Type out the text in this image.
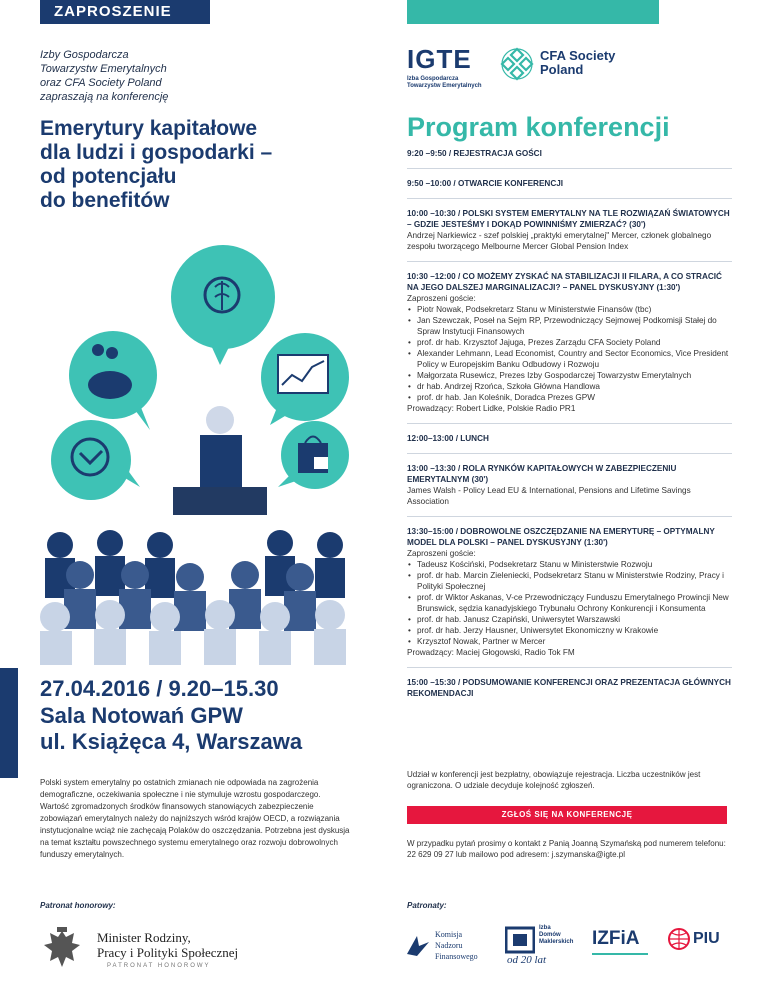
ZAPROSZENIE
Izby Gospodarcza
Towarzystw Emerytalnych
oraz CFA Society Poland
zapraszają na konferencję
IGTE
Izba Gospodarcza
Towarzystw Emerytalnych
CFA Society
Poland
Emerytury kapitałowe
dla ludzi i gospodarki –
od potencjału
do benefitów
Program konferencji
9:20 –9:50 / REJESTRACJA GOŚCI
9:50 –10:00 / OTWARCIE KONFERENCJI
10:00 –10:30 / POLSKI SYSTEM EMERYTALNY NA TLE ROZWIĄZAŃ ŚWIATOWYCH – GDZIE JESTEŚMY I DOKĄD POWINNIŚMY ZMIERZAĆ? (30')
Andrzej Narkiewicz - szef polskiej „praktyki emerytalnej" Mercer, członek globalnego zespołu tworzącego Melbourne Mercer Global Pension Index
10:30 –12:00 / CO MOŻEMY ZYSKAĆ NA STABILIZACJI II FILARA, A CO STRACIĆ NA JEGO DALSZEJ MARGINALIZACJI? – PANEL DYSKUSYJNY (1:30')
Zaproszeni goście:
• Piotr Nowak, Podsekretarz Stanu w Ministerstwie Finansów (tbc)
• Jan Szewczak, Poseł na Sejm RP, Przewodniczący Sejmowej Podkomisji Stałej do Spraw Instytucji Finansowych
• prof. dr hab. Krzysztof Jajuga, Prezes Zarządu CFA Society Poland
• Alexander Lehmann, Lead Economist, Country and Sector Economics, Vice President Policy w Europejskim Banku Odbudowy i Rozwoju
• Małgorzata Rusewicz, Prezes Izby Gospodarczej Towarzystw Emerytalnych
• dr hab. Andrzej Rzońca, Szkoła Główna Handlowa
• prof. dr hab. Jan Koleśnik, Doradca Prezes GPW
Prowadzący: Robert Lidke, Polskie Radio PR1
12:00–13:00 / LUNCH
13:00 –13:30 / ROLA RYNKÓW KAPITAŁOWYCH W ZABEZPIECZENIU EMERYTALNYM (30')
James Walsh - Policy Lead EU & International, Pensions and Lifetime Savings Association
13:30–15:00 / DOBROWOLNE OSZCZĘDZANIE NA EMERYTURĘ – OPTYMALNY MODEL DLA POLSKI – PANEL DYSKUSYJNY (1:30')
Zaproszeni goście:
• Tadeusz Kościński, Podsekretarz Stanu w Ministerstwie Rozwoju
• prof. dr hab. Marcin Zieleniecki, Podsekretarz Stanu w Ministerstwie Rodziny, Pracy i Polityki Społecznej
• prof. dr Wiktor Askanas, V-ce Przewodniczący Funduszu Emerytalnego Prowincji New Brunswick, sędzia kanadyjskiego Trybunału Ochrony Konkurencji i Konsumenta
• prof. dr hab. Janusz Czapiński, Uniwersytet Warszawski
• prof. dr hab. Jerzy Hausner, Uniwersytet Ekonomiczny w Krakowie
• Krzysztof Nowak, Partner w Mercer
Prowadzący: Maciej Głogowski, Radio Tok FM
15:00 –15:30 / PODSUMOWANIE KONFERENCJI ORAZ PREZENTACJA GŁÓWNYCH REKOMENDACJI
27.04.2016 / 9.20–15.30
Sala Notowań GPW
ul. Książęca 4, Warszawa
Polski system emerytalny po ostatnich zmianach nie odpowiada na zagrożenia demograficzne, oczekiwania społeczne i nie stymuluje wzrostu gospodarczego. Wartość zgromadzonych środków finansowych stanowiących zabezpieczenie zobowiązań emerytalnych należy do najniższych wśród krajów OECD, a rozwiązania instytucjonalne wciąż nie zachęcają Polaków do oszczędzania. Potrzebna jest dyskusja na temat kształtu powszechnego systemu emerytalnego oraz rozwoju dobrowolnych funduszy emerytalnych.
Udział w konferencji jest bezpłatny, obowiązuje rejestracja. Liczba uczestników jest ograniczona. O udziale decyduje kolejność zgłoszeń.
ZGŁOŚ SIĘ NA KONFERENCJĘ
W przypadku pytań prosimy o kontakt z Panią Joanną Szymańską pod numerem telefonu: 22 629 09 27 lub mailowo pod adresem: j.szymanska@igte.pl
Patronat honorowy:	Patronaty:
Minister Rodziny,
Pracy i Polityki Społecznej
PATRONAT HONOROWY
Komisja
Nadzoru
Finansowego
Izba
Domów
Maklerskich
od 20 lat
IZFiA	PIU
